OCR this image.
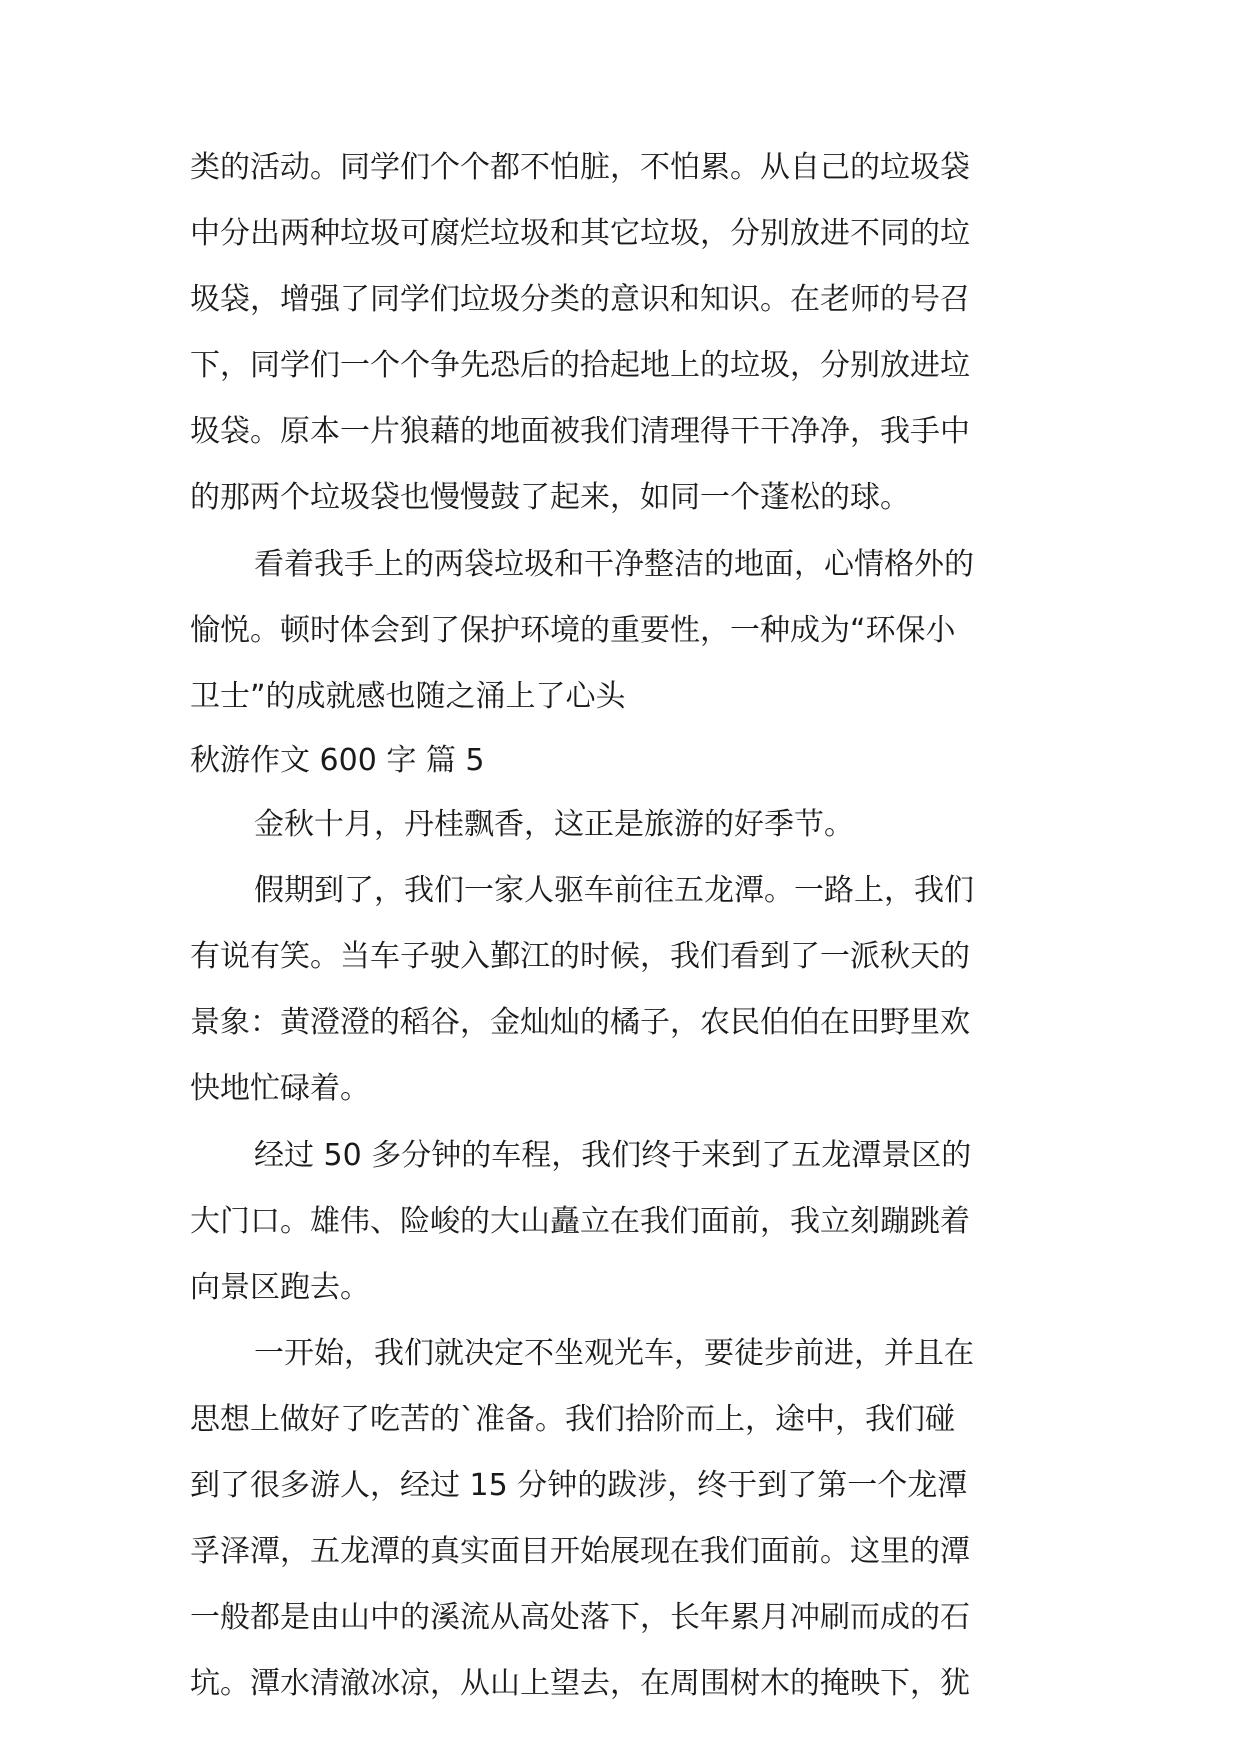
类的活动。同学们个个都不怕脏，不怕累。从自己的垃圾袋
中分出两种垃圾可腐烂垃圾和其它垃圾，分别放进不同的垃
圾袋，增强了同学们垃圾分类的意识和知识。在老师的号召
下，同学们一个个争先恐后的拾起地上的垃圾，分别放进垃
圾袋。原本一片狼藉的地面被我们清理得干干净净，我手中
的那两个垃圾袋也慢慢鼓了起来，如同一个蓬松的球。
看着我手上的两袋垃圾和干净整洁的地面，心情格外的
愉悦。顿时体会到了保护环境的重要性，一种成为“环保小
卫士”的成就感也随之涌上了心头
秋游作文 600 字 篇 5
金秋十月，丹桂飘香，这正是旅游的好季节。
假期到了，我们一家人驱车前往五龙潭。一路上，我们
有说有笑。当车子驶入鄞江的时候，我们看到了一派秋天的
景象：黄澄澄的稻谷，金灿灿的橘子，农民伯伯在田野里欢
快地忙碌着。
经过 50 多分钟的车程，我们终于来到了五龙潭景区的
大门口。雄伟、险峻的大山矗立在我们面前，我立刻蹦跳着
向景区跑去。
一开始，我们就决定不坐观光车，要徒步前进，并且在
思想上做好了吃苦的`准备。我们拾阶而上，途中，我们碰
到了很多游人，经过 15 分钟的跋涉，终于到了第一个龙潭
孚泽潭，五龙潭的真实面目开始展现在我们面前。这里的潭
一般都是由山中的溪流从高处落下，长年累月冲刷而成的石
坑。潭水清澈冰凉，从山上望去，在周围树木的掩映下，犹
